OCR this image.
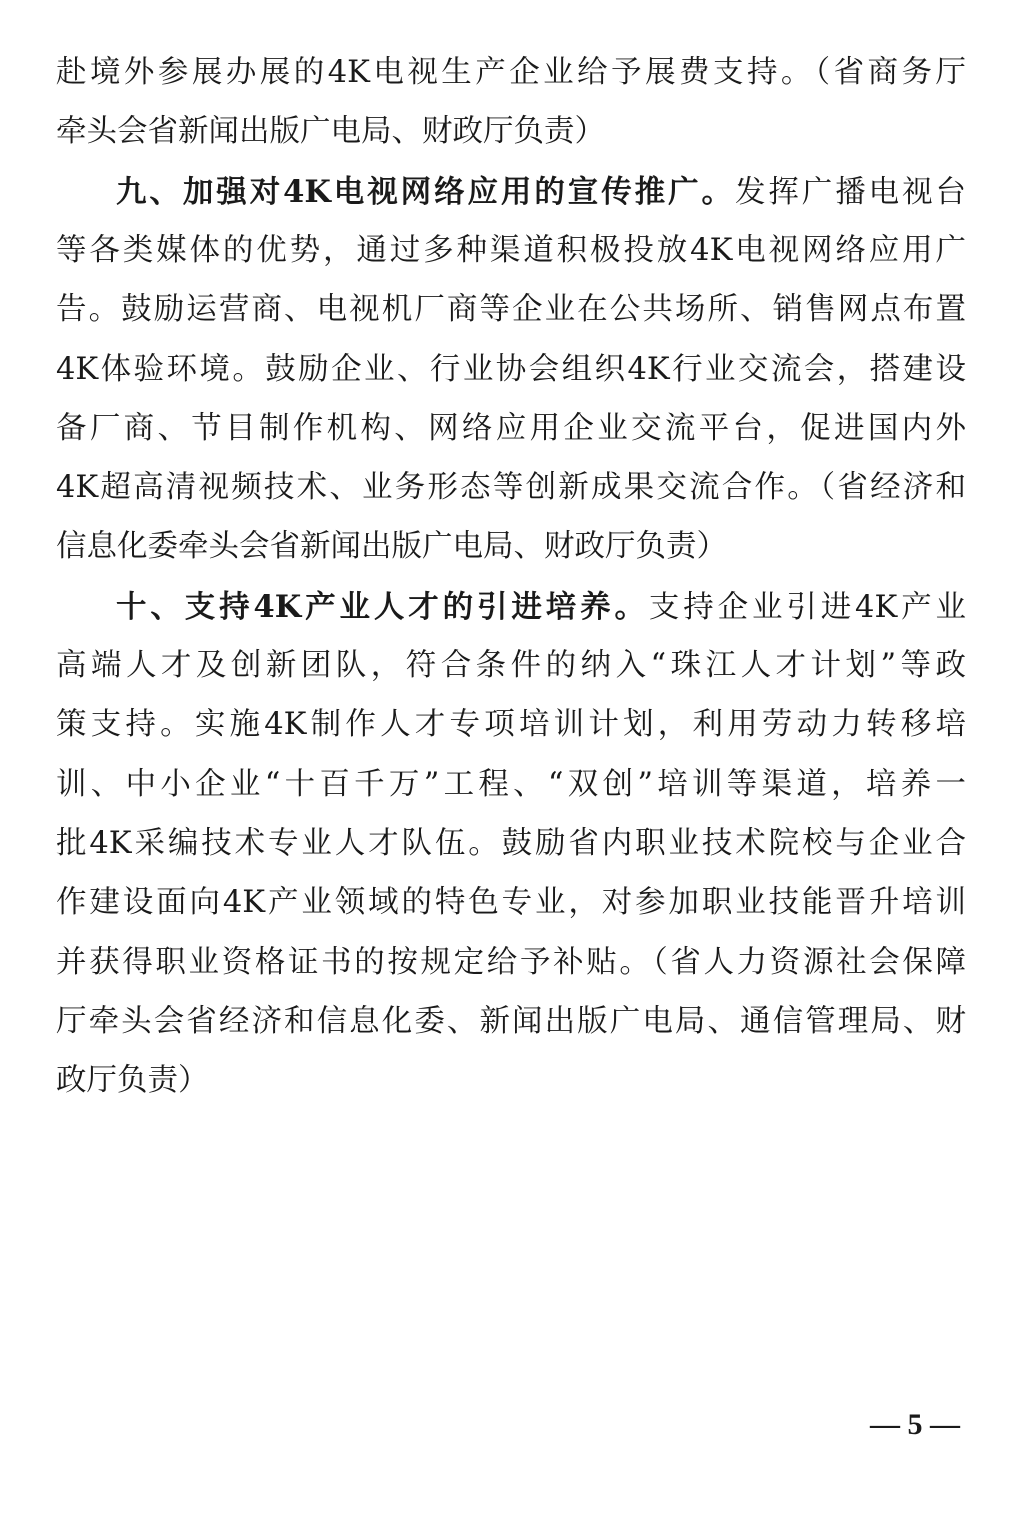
赴境外参展办展的4K电视生产企业给予展费支持。（省商务厅
牵头会省新闻出版广电局、财政厅负责）
九、加强对4K电视网络应用的宣传推广。发挥广播电视台
等各类媒体的优势，通过多种渠道积极投放4K电视网络应用广
告。鼓励运营商、电视机厂商等企业在公共场所、销售网点布置
4K体验环境。鼓励企业、行业协会组织4K行业交流会，搭建设
备厂商、节目制作机构、网络应用企业交流平台，促进国内外
4K超高清视频技术、业务形态等创新成果交流合作。（省经济和
信息化委牵头会省新闻出版广电局、财政厅负责）
十、支持4K产业人才的引进培养。支持企业引进4K产业
高端人才及创新团队，符合条件的纳入“珠江人才计划”等政
策支持。实施4K制作人才专项培训计划，利用劳动力转移培
训、中小企业“十百千万”工程、“双创”培训等渠道，培养一
批4K采编技术专业人才队伍。鼓励省内职业技术院校与企业合
作建设面向4K产业领域的特色专业，对参加职业技能晋升培训
并获得职业资格证书的按规定给予补贴。（省人力资源社会保障
厅牵头会省经济和信息化委、新闻出版广电局、通信管理局、财
政厅负责）
— 5 —
